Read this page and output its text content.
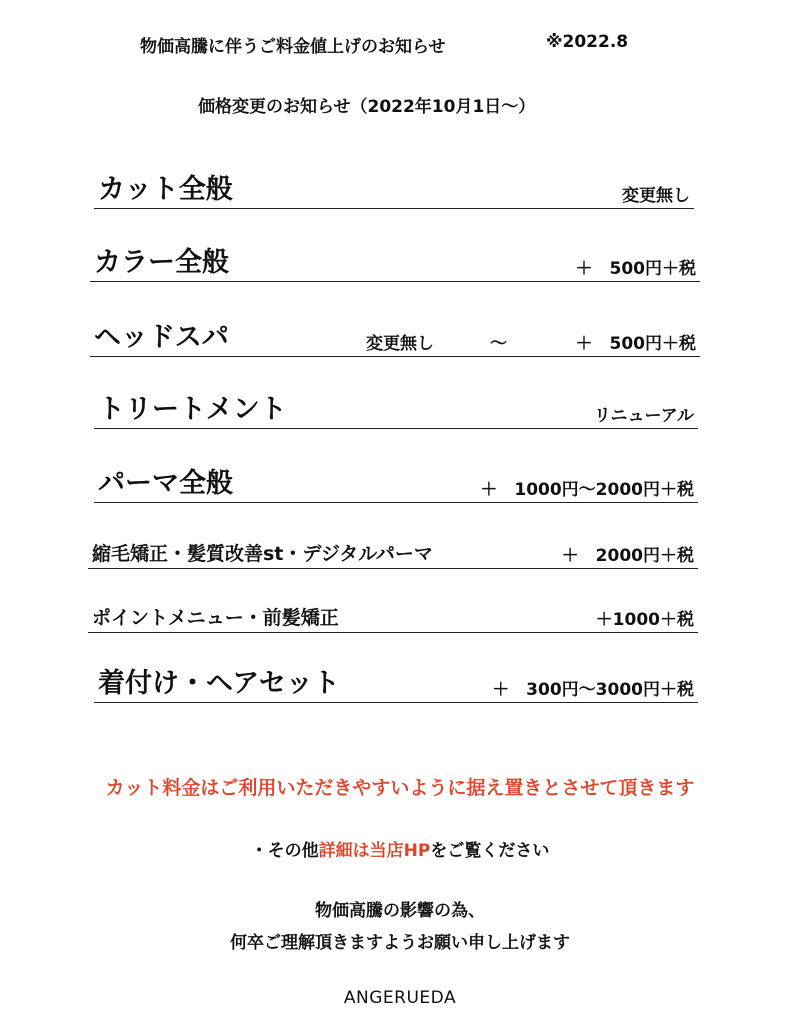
物価高騰に伴うご料金値上げのお知らせ	※2022.8
価格変更のお知らせ（2022年10月1日〜）
カット全般	変更無し
カラー全般	＋　500円＋税
ヘッドスパ	変更無し	〜	＋　500円＋税
トリートメント	リニューアル
パーマ全般	＋　1000円〜2000円＋税
縮毛矯正・髪質改善st・デジタルパーマ	＋　2000円＋税
ポイントメニュー・前髪矯正	＋1000＋税
着付け・ヘアセット	＋　300円〜3000円＋税
カット料金はご利用いただきやすいように据え置きとさせて頂きます
・その他詳細は当店HPをご覧ください
物価高騰の影響の為、
何卒ご理解頂きますようお願い申し上げます
ANGERUEDA
